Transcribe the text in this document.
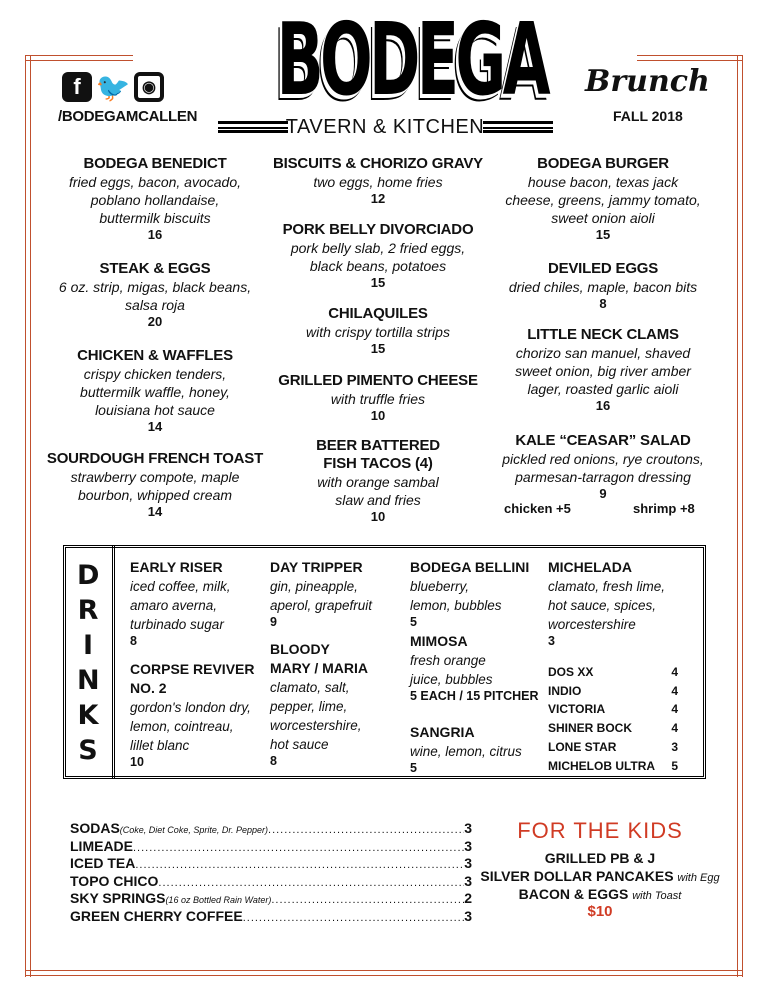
BODEGA
TAVERN & KITCHEN
f 🐦 ◉
/BODEGAMCALLEN
Brunch
FALL 2018
BODEGA BENEDICT
fried eggs, bacon, avocado,
poblano hollandaise,
buttermilk biscuits
16
STEAK & EGGS
6 oz. strip, migas, black beans,
salsa roja
20
CHICKEN & WAFFLES
crispy chicken tenders,
buttermilk waffle, honey,
louisiana hot sauce
14
SOURDOUGH FRENCH TOAST
strawberry compote, maple
bourbon, whipped cream
14
BISCUITS & CHORIZO GRAVY
two eggs, home fries
12
PORK BELLY DIVORCIADO
pork belly slab, 2 fried eggs,
black beans, potatoes
15
CHILAQUILES
with crispy tortilla strips
15
GRILLED PIMENTO CHEESE
with truffle fries
10
BEER BATTERED
FISH TACOS (4)
with orange sambal
slaw and fries
10
BODEGA BURGER
house bacon, texas jack
cheese, greens, jammy tomato,
sweet onion aioli
15
DEVILED EGGS
dried chiles, maple, bacon bits
8
LITTLE NECK CLAMS
chorizo san manuel, shaved
sweet onion, big river amber
lager, roasted garlic aioli
16
KALE “CEASAR” SALAD
pickled red onions, rye croutons,
parmesan-tarragon dressing
9
chicken +5	shrimp +8
D
R
I
N
K
S
EARLY RISER
iced coffee, milk,
amaro averna,
turbinado sugar
8
CORPSE REVIVER
NO. 2
gordon's london dry,
lemon, cointreau,
lillet blanc
10
DAY TRIPPER
gin, pineapple,
aperol, grapefruit
9
BLOODY
MARY / MARIA
clamato, salt,
pepper, lime,
worcestershire,
hot sauce
8
BODEGA BELLINI
blueberry,
lemon, bubbles
5
MIMOSA
fresh orange
juice, bubbles
5 EACH / 15 PITCHER
SANGRIA
wine, lemon, citrus
5
MICHELADA
clamato, fresh lime,
hot sauce, spices,
worcestershire
3
DOS XX	4
INDIO	4
VICTORIA	4
SHINER BOCK	4
LONE STAR	3
MICHELOB ULTRA 5
SODAS (Coke, Diet Coke, Sprite, Dr. Pepper) .....	3
LIMEADE .....	3
ICED TEA .....	3
TOPO CHICO .....	3
SKY SPRINGS (16 oz Bottled Rain Water) .....	2
GREEN CHERRY COFFEE .....	3
FOR THE KIDS
GRILLED PB & J
SILVER DOLLAR PANCAKES with Egg
BACON & EGGS with Toast
$10
